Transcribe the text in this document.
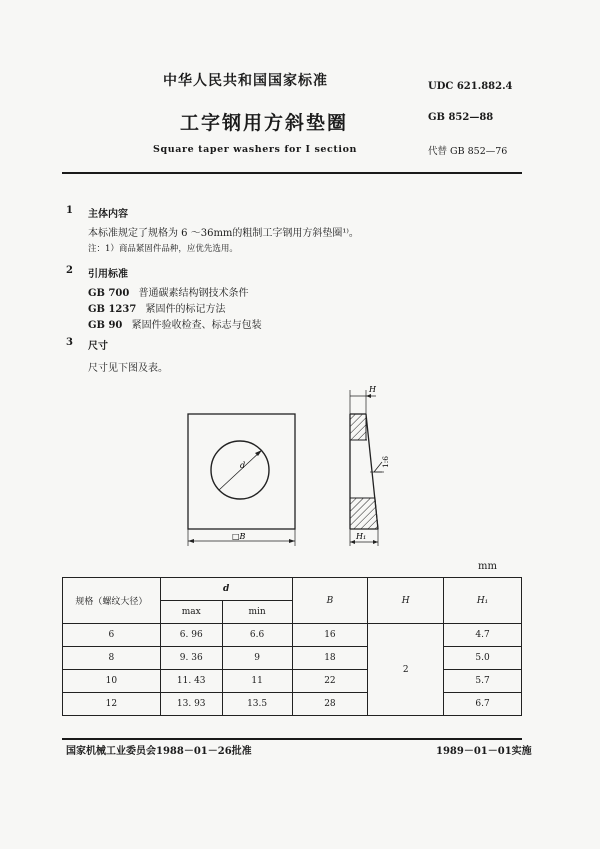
中华人民共和国国家标准	UDC 621.882.4
工字钢用方斜垫圈	GB 852—88
Square taper washers for I section	代替 GB 852—76
1 主体内容
本标准规定了规格为 6 ～36mm的粗制工字钢用方斜垫圈¹⁾。
注：1）商品紧固件品种，应优先选用。
2 引用标准
GB 700 普通碳素结构钢技术条件
GB 1237 紧固件的标记方法
GB 90 紧固件验收检查、标志与包装
3 尺寸
尺寸见下图及表。
d
□B
H
H₁
1:6
mm
规格（螺纹大径）	d		B	H	H₁
	max	min			
6	6. 96	6.6	16	2	4.7
8	9. 36	9	18		5.0
10	11. 43	11	22		5.7
12	13. 93	13.5	28		6.7
国家机械工业委员会1988－01－26批准	1989－01－01实施
